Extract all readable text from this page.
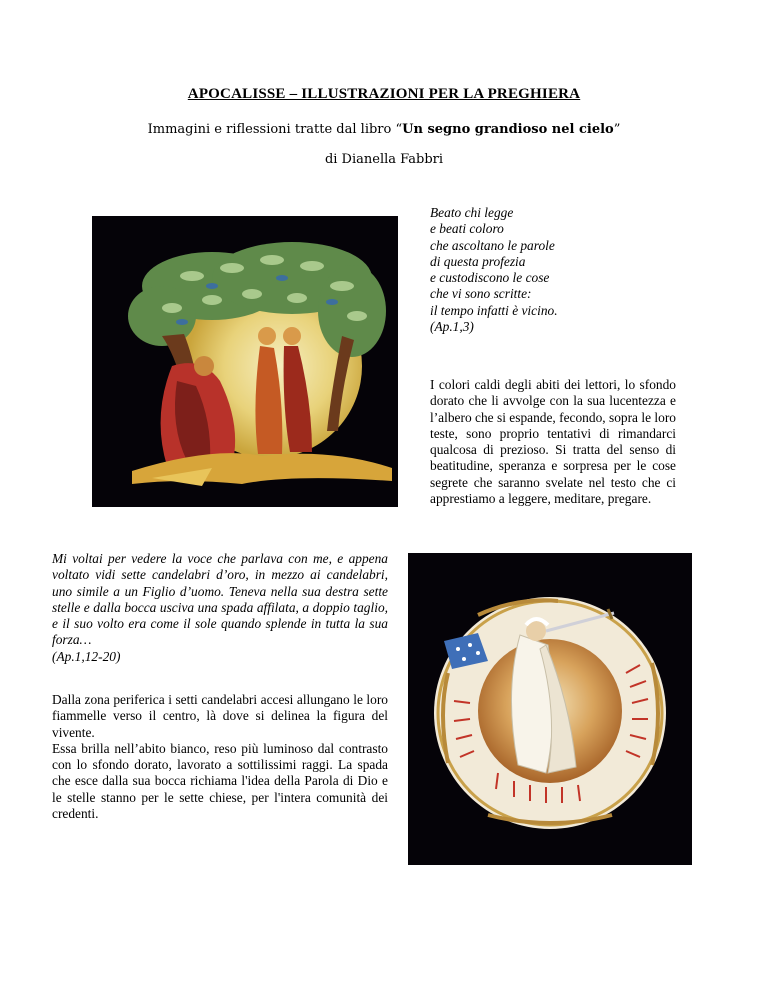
APOCALISSE – ILLUSTRAZIONI PER LA PREGHIERA
Immagini e riflessioni tratte dal libro “Un segno grandioso nel cielo”
di Dianella Fabbri
Beato chi legge
e beati coloro
che ascoltano le parole
di questa profezia
e custodiscono le cose
che vi sono scritte:
il tempo infatti è vicino.
(Ap.1,3)

I colori caldi degli abiti dei lettori, lo sfondo dorato che li avvolge con la sua lucentezza e l’albero che si espande, fecondo, sopra le loro teste, sono proprio tentativi di rimandarci qualcosa di prezioso. Si tratta del senso di beatitudine, speranza e sorpresa per le cose segrete che saranno svelate nel testo che ci apprestiamo a leggere, meditare, pregare.

Mi voltai per vedere la voce che parlava con me, e appena voltato vidi sette candelabri d’oro, in mezzo ai candelabri, uno simile a un Figlio d’uomo. Teneva nella sua destra sette stelle e dalla bocca usciva una spada affilata, a doppio taglio, e il suo volto era come il sole quando splende in tutta la sua forza…
(Ap.1,12-20)
Dalla zona periferica i setti candelabri accesi allungano le loro fiammelle verso il centro, là dove si delinea la figura del vivente.
Essa brilla nell’abito bianco, reso più luminoso dal contrasto con lo sfondo dorato, lavorato a sottilissimi raggi. La spada che esce dalla sua bocca richiama l'idea della Parola di Dio e le stelle stanno per le sette chiese, per l'intera comunità dei credenti.
